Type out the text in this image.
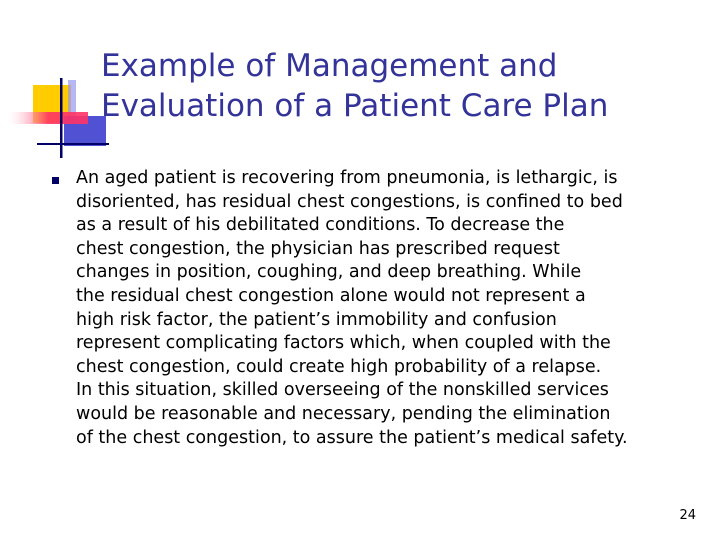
Example of Management and
Evaluation of a Patient Care Plan
An aged patient is recovering from pneumonia, is lethargic, is
disoriented, has residual chest congestions, is confined to bed
as a result of his debilitated conditions. To decrease the
chest congestion, the physician has prescribed request
changes in position, coughing, and deep breathing. While
the residual chest congestion alone would not represent a
high risk factor, the patient’s immobility and confusion
represent complicating factors which, when coupled with the
chest congestion, could create high probability of a relapse.
In this situation, skilled overseeing of the nonskilled services
would be reasonable and necessary, pending the elimination
of the chest congestion, to assure the patient’s medical safety.
24
